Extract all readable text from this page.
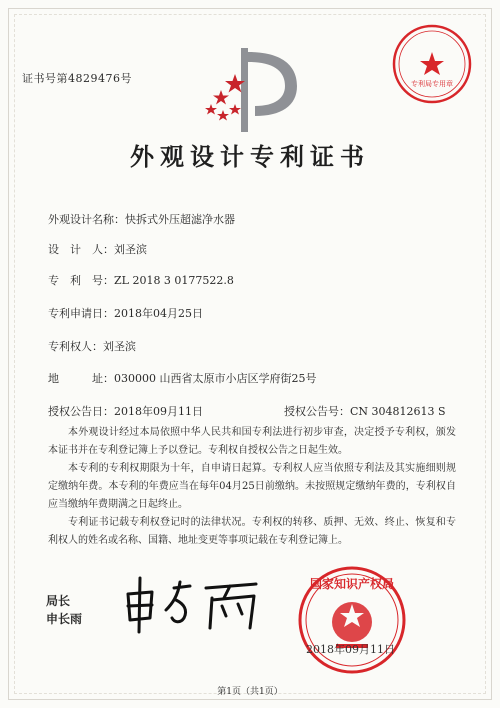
证书号第4829476号	专利局专用章
外观设计专利证书
外观设计名称：快拆式外压超滤净水器
设　计　人：刘圣滨
专　利　号：ZL 2018 3 0177522.8
专利申请日：2018年04月25日
专利权人：刘圣滨
地　　　址：030000 山西省太原市小店区学府街25号
授权公告日：2018年09月11日	授权公告号：CN 304812613 S

本外观设计经过本局依照中华人民共和国专利法进行初步审查，决定授予专利权，颁发本证书并在专利登记簿上予以登记。专利权自授权公告之日起生效。

本专利的专利权期限为十年，自申请日起算。专利权人应当依照专利法及其实施细则规定缴纳年费。本专利的年费应当在每年04月25日前缴纳。未按照规定缴纳年费的，专利权自应当缴纳年费期满之日起终止。

专利证书记载专利权登记时的法律状况。专利权的转移、质押、无效、终止、恢复和专利权人的姓名或名称、国籍、地址变更等事项记载在专利登记簿上。

局长
申长雨
国家知识产权局
2018年09月11日
第1页（共1页）
